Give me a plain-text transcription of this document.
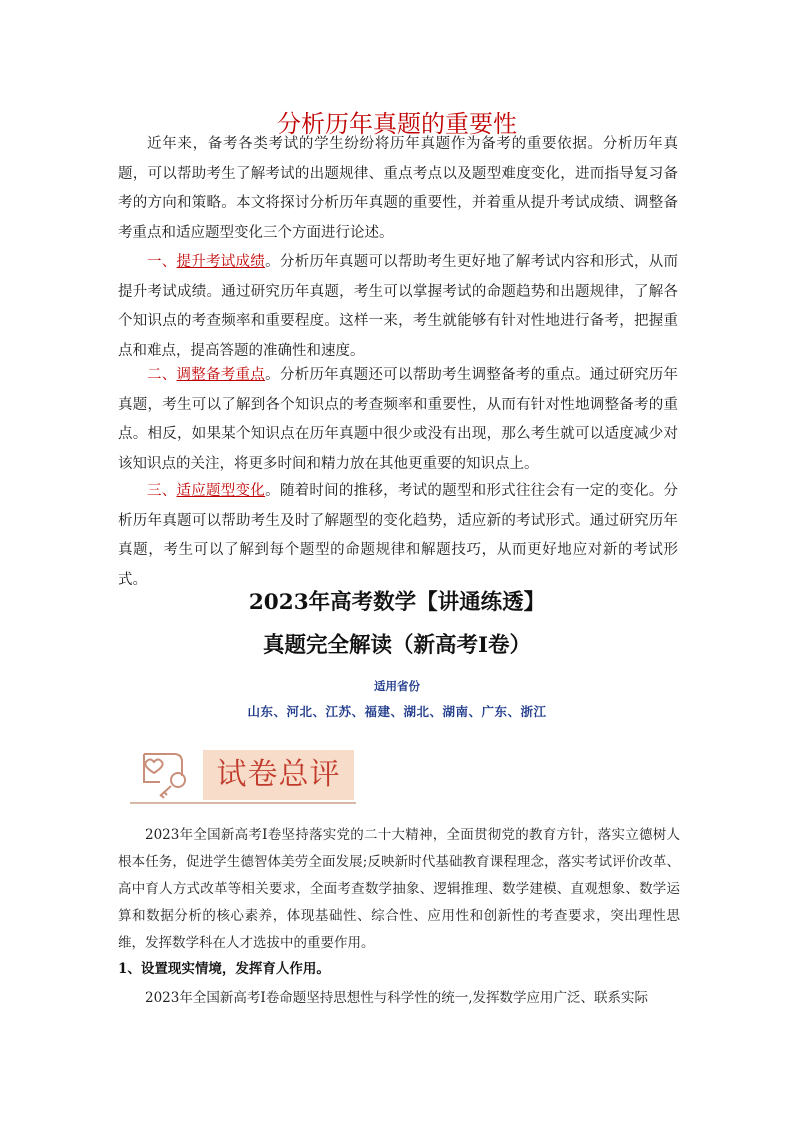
分析历年真题的重要性

近年来，备考各类考试的学生纷纷将历年真题作为备考的重要依据。分析历年真题，可以帮助考生了解考试的出题规律、重点考点以及题型难度变化，进而指导复习备考的方向和策略。本文将探讨分析历年真题的重要性，并着重从提升考试成绩、调整备考重点和适应题型变化三个方面进行论述。

一、提升考试成绩。分析历年真题可以帮助考生更好地了解考试内容和形式，从而提升考试成绩。通过研究历年真题，考生可以掌握考试的命题趋势和出题规律，了解各个知识点的考查频率和重要程度。这样一来，考生就能够有针对性地进行备考，把握重点和难点，提高答题的准确性和速度。

二、调整备考重点。分析历年真题还可以帮助考生调整备考的重点。通过研究历年真题，考生可以了解到各个知识点的考查频率和重要性，从而有针对性地调整备考的重点。相反，如果某个知识点在历年真题中很少或没有出现，那么考生就可以适度减少对该知识点的关注，将更多时间和精力放在其他更重要的知识点上。

三、适应题型变化。随着时间的推移，考试的题型和形式往往会有一定的变化。分析历年真题可以帮助考生及时了解题型的变化趋势，适应新的考试形式。通过研究历年真题，考生可以了解到每个题型的命题规律和解题技巧，从而更好地应对新的考试形式。

2023年高考数学【讲通练透】
真题完全解读（新高考I卷）
适用省份
山东、河北、江苏、福建、湖北、湖南、广东、浙江
试卷总评

2023年全国新高考I卷坚持落实党的二十大精神，全面贯彻党的教育方针，落实立德树人根本任务，促进学生德智体美劳全面发展;反映新时代基础教育课程理念，落实考试评价改革、高中育人方式改革等相关要求，全面考查数学抽象、逻辑推理、数学建模、直观想象、数学运算和数据分析的核心素养，体现基础性、综合性、应用性和创新性的考查要求，突出理性思维，发挥数学科在人才选拔中的重要作用。

1、设置现实情境，发挥育人作用。

2023年全国新高考I卷命题坚持思想性与科学性的统一,发挥数学应用广泛、联系实际
